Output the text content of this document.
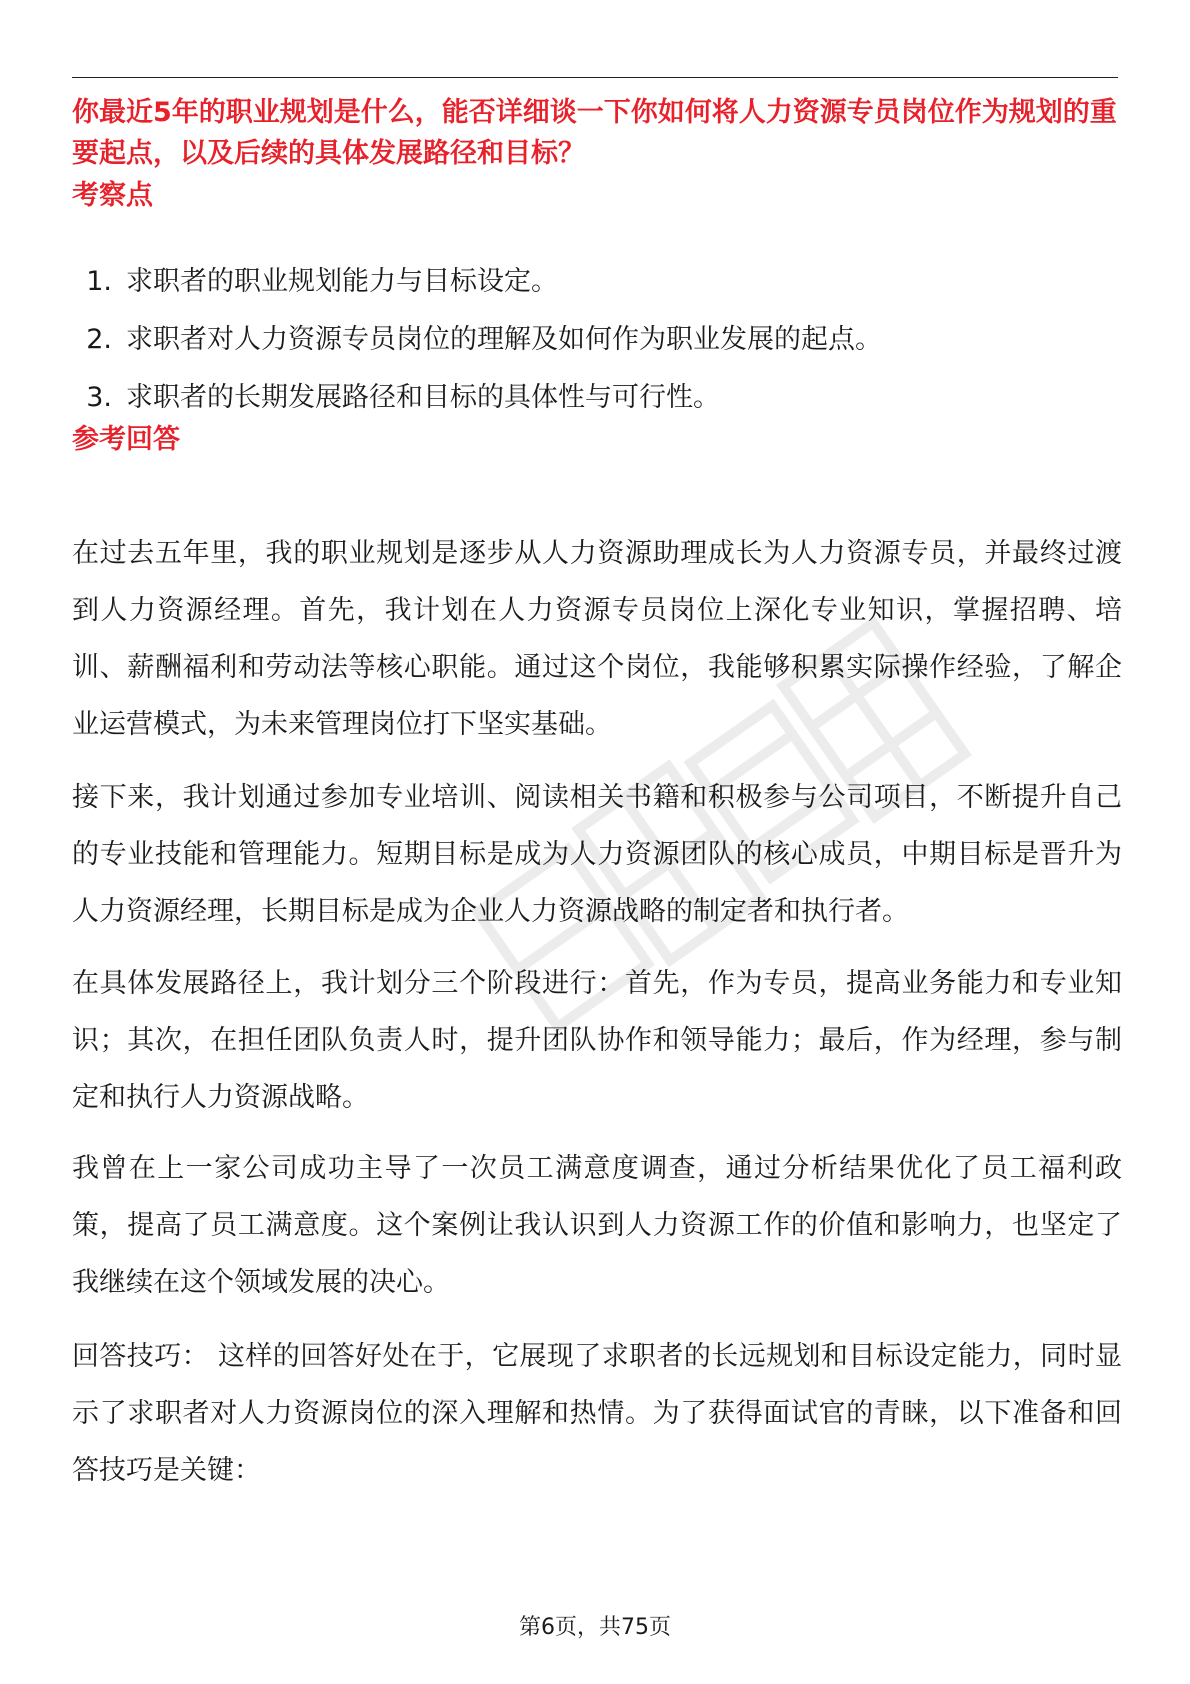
你最近5年的职业规划是什么，能否详细谈一下你如何将人力资源专员岗位作为规划的重要起点，以及后续的具体发展路径和目标？

考察点
1. 求职者的职业规划能力与目标设定。
2. 求职者对人力资源专员岗位的理解及如何作为职业发展的起点。
3. 求职者的长期发展路径和目标的具体性与可行性。
参考回答

在过去五年里，我的职业规划是逐步从人力资源助理成长为人力资源专员，并最终过渡到人力资源经理。首先，我计划在人力资源专员岗位上深化专业知识，掌握招聘、培训、薪酬福利和劳动法等核心职能。通过这个岗位，我能够积累实际操作经验，了解企业运营模式，为未来管理岗位打下坚实基础。

接下来，我计划通过参加专业培训、阅读相关书籍和积极参与公司项目，不断提升自己的专业技能和管理能力。短期目标是成为人力资源团队的核心成员，中期目标是晋升为人力资源经理，长期目标是成为企业人力资源战略的制定者和执行者。

在具体发展路径上，我计划分三个阶段进行：首先，作为专员，提高业务能力和专业知识；其次，在担任团队负责人时，提升团队协作和领导能力；最后，作为经理，参与制定和执行人力资源战略。

我曾在上一家公司成功主导了一次员工满意度调查，通过分析结果优化了员工福利政策，提高了员工满意度。这个案例让我认识到人力资源工作的价值和影响力，也坚定了我继续在这个领域发展的决心。

回答技巧： 这样的回答好处在于，它展现了求职者的长远规划和目标设定能力，同时显示了求职者对人力资源岗位的深入理解和热情。为了获得面试官的青睐，以下准备和回答技巧是关键：

第6页，共75页
